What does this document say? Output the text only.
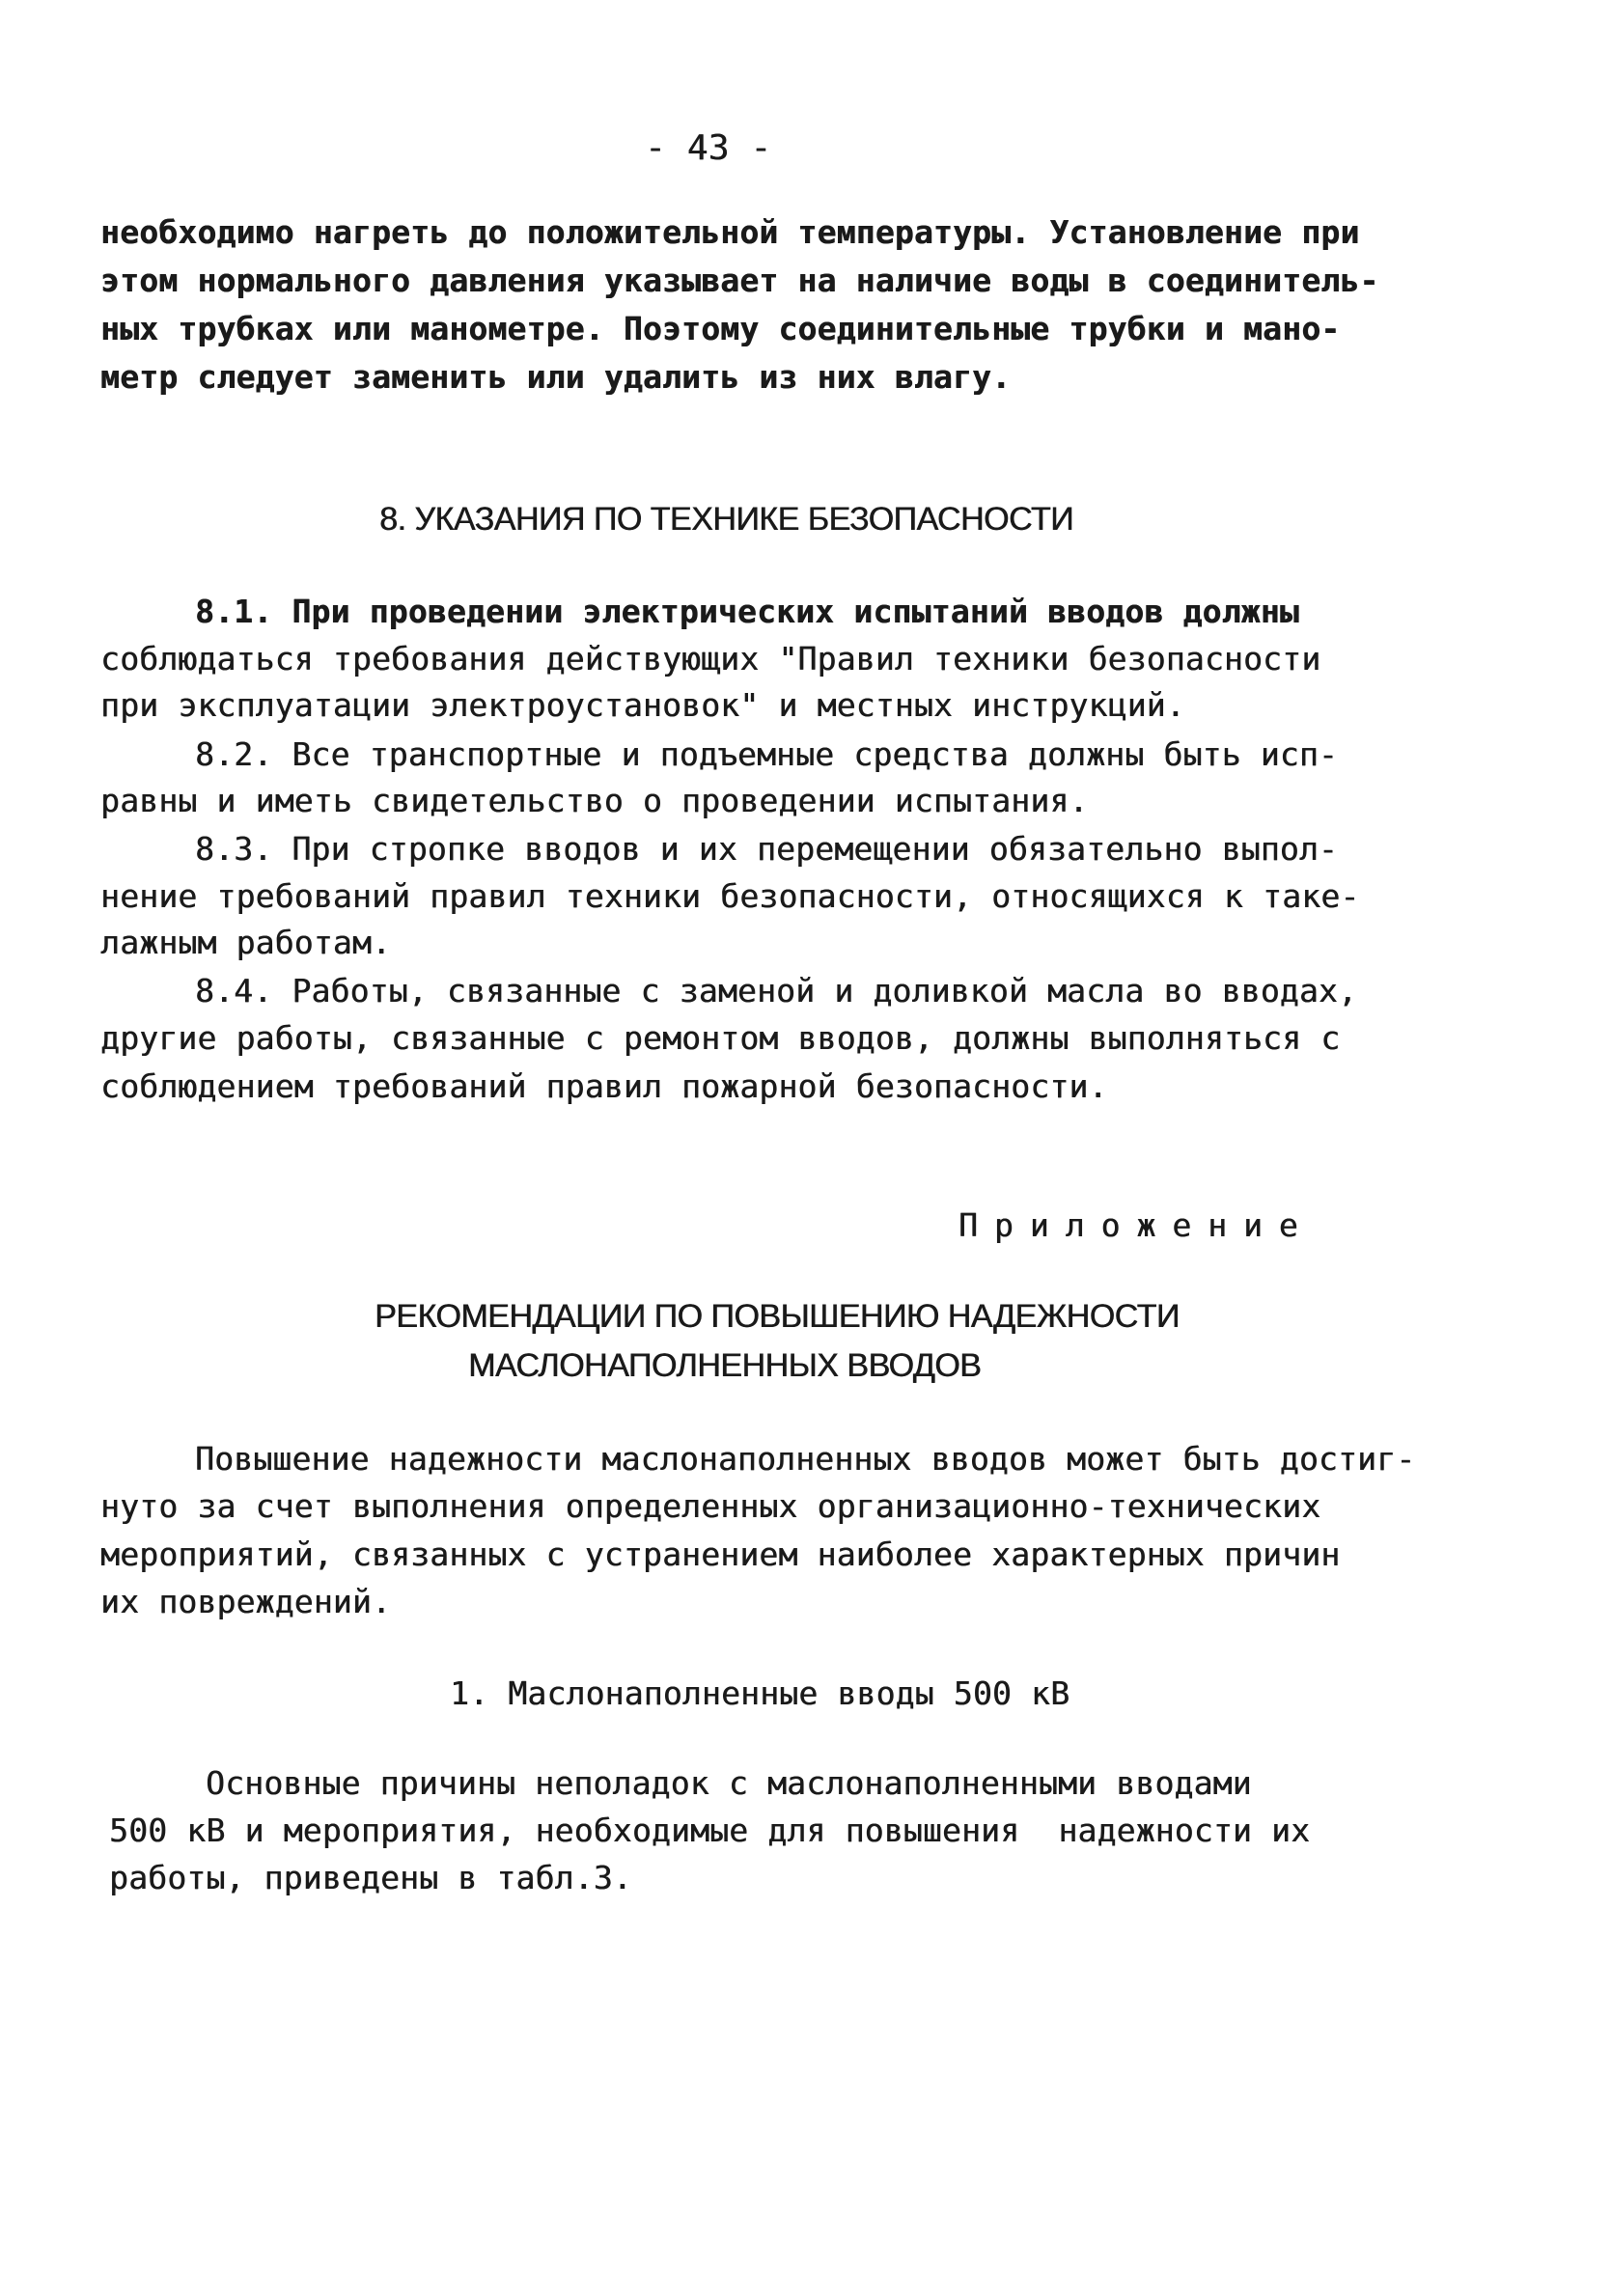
- 43 -
необходимо нагреть до положительной температуры. Установление при
этом нормального давления указывает на наличие воды в соединитель-
ных трубках или манометре. Поэтому соединительные трубки и мано-
метр следует заменить или удалить из них влагу.
8. УКАЗАНИЯ ПО ТЕХНИКЕ БЕЗОПАСНОСТИ
8.1. При проведении электрических испытаний вводов должны
соблюдаться требования действующих "Правил техники безопасности
при эксплуатации электроустановок" и местных инструкций.
8.2. Все транспортные и подъемные средства должны быть исп-
равны и иметь свидетельство о проведении испытания.
8.3. При стропке вводов и их перемещении обязательно выпол-
нение требований правил техники безопасности, относящихся к таке-
лажным работам.
8.4. Работы, связанные с заменой и доливкой масла во вводах,
другие работы, связанные с ремонтом вводов, должны выполняться с
соблюдением требований правил пожарной безопасности.
Приложение
РЕКОМЕНДАЦИИ ПО ПОВЫШЕНИЮ НАДЕЖНОСТИ
МАСЛОНАПОЛНЕННЫХ ВВОДОВ
Повышение надежности маслонаполненных вводов может быть достиг-
нуто за счет выполнения определенных организационно-технических
мероприятий, связанных с устранением наиболее характерных причин
их повреждений.
1. Маслонаполненные вводы 500 кВ
Основные причины неполадок с маслонаполненными вводами
500 кВ и мероприятия, необходимые для повышения  надежности их
работы, приведены в табл.3.
